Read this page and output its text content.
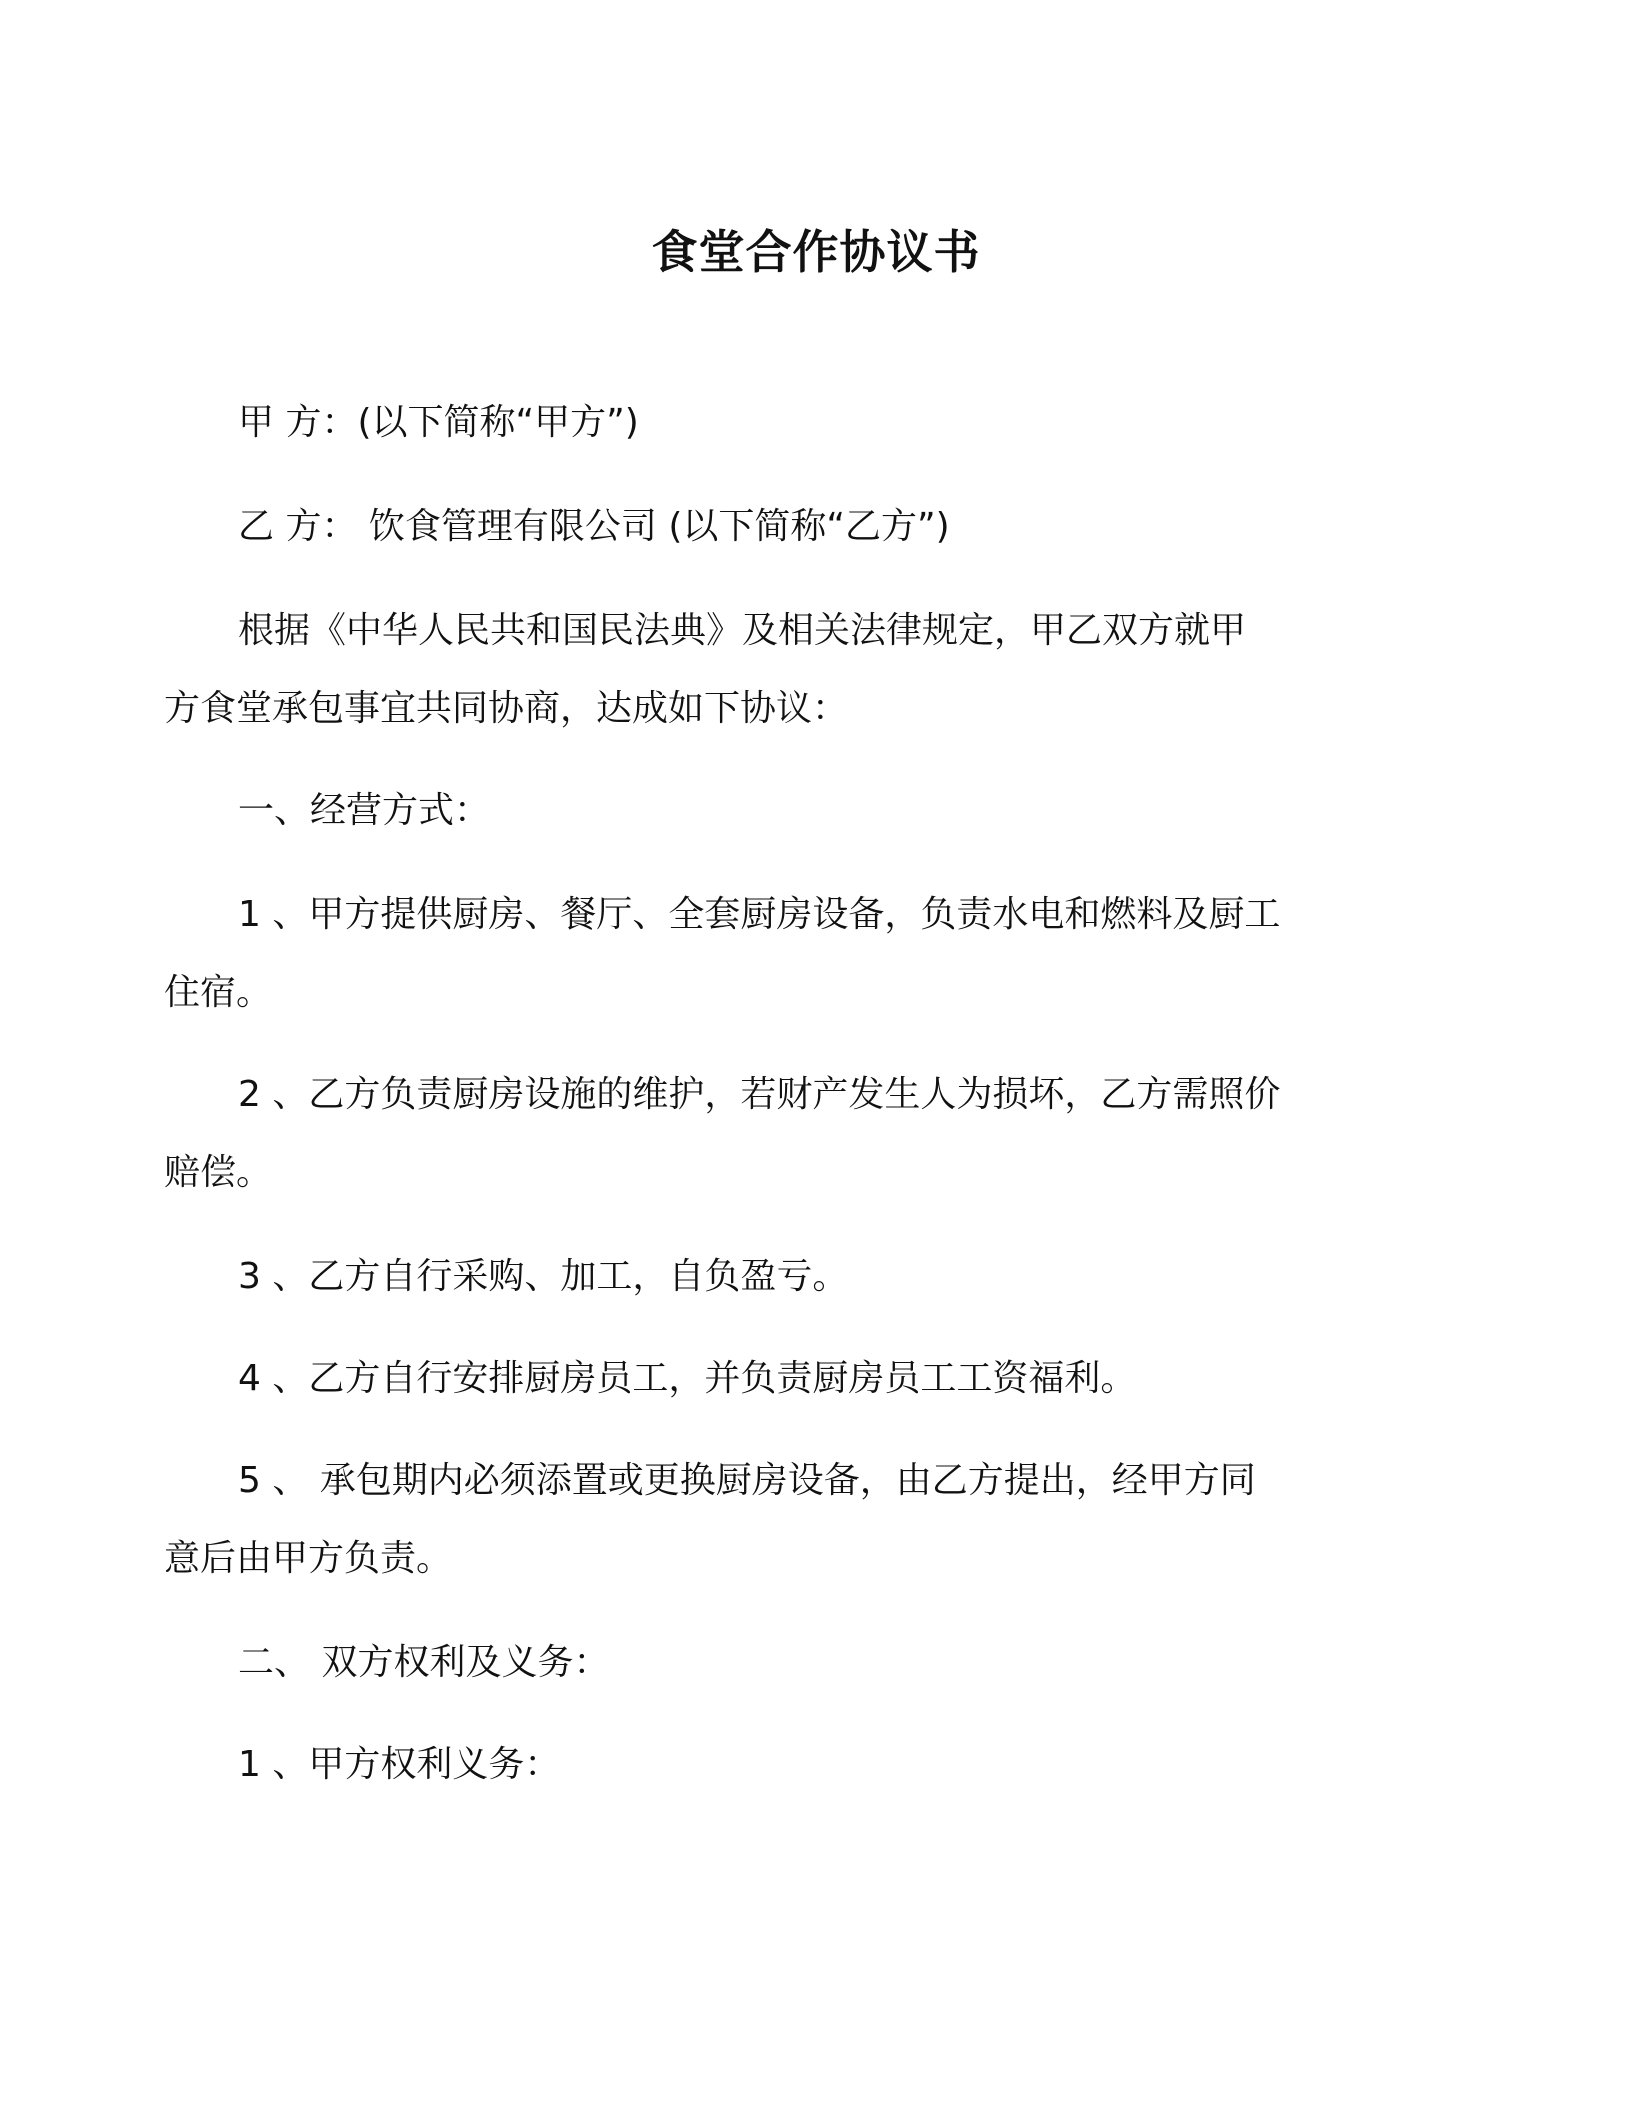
食堂合作协议书
甲 方：(以下简称“甲方”)
乙 方： 饮食管理有限公司 (以下简称“乙方”)
根据《中华人民共和国民法典》及相关法律规定，甲乙双方就甲
方食堂承包事宜共同协商，达成如下协议：
一、经营方式：
1 、甲方提供厨房、餐厅、全套厨房设备，负责水电和燃料及厨工
住宿。
2 、乙方负责厨房设施的维护，若财产发生人为损坏，乙方需照价
赔偿。
3 、乙方自行采购、加工，自负盈亏。
4 、乙方自行安排厨房员工，并负责厨房员工工资福利。
5 、 承包期内必须添置或更换厨房设备，由乙方提出，经甲方同
意后由甲方负责。
二、 双方权利及义务：
1 、甲方权利义务：
